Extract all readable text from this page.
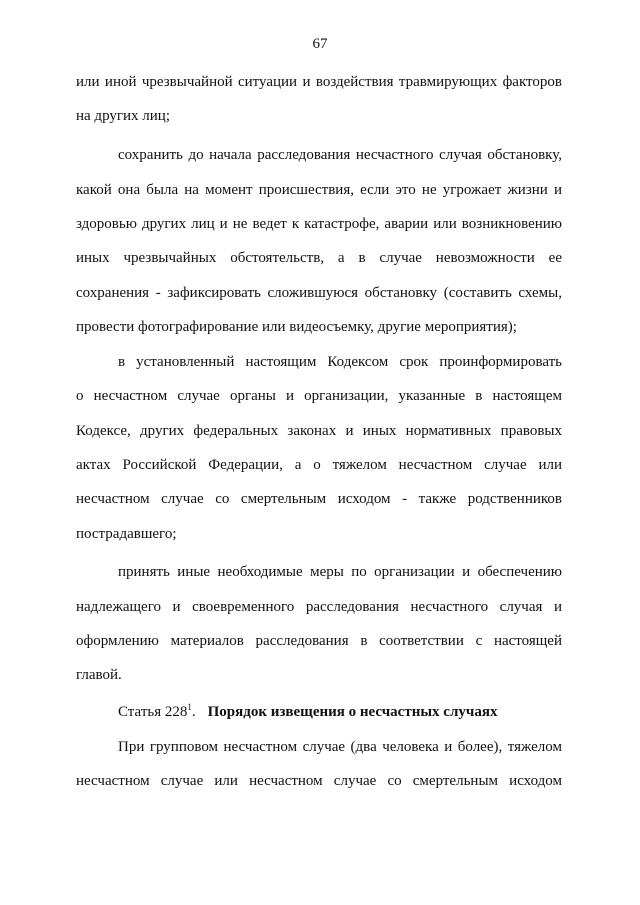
67
или иной чрезвычайной ситуации и воздействия травмирующих факторов
на других лиц;
сохранить до начала расследования несчастного случая обстановку,
какой она была на момент происшествия, если это не угрожает жизни и
здоровью других лиц и не ведет к катастрофе, аварии или возникновению
иных чрезвычайных обстоятельств, а в случае невозможности ее
сохранения - зафиксировать сложившуюся обстановку (составить схемы,
провести фотографирование или видеосъемку, другие мероприятия);
в установленный настоящим Кодексом срок проинформировать
о несчастном случае органы и организации, указанные в настоящем
Кодексе, других федеральных законах и иных нормативных правовых
актах Российской Федерации, а о тяжелом несчастном случае или
несчастном случае со смертельным исходом - также родственников
пострадавшего;
принять иные необходимые меры по организации и обеспечению
надлежащего и своевременного расследования несчастного случая и
оформлению материалов расследования в соответствии с настоящей
главой.
Статья $228^1$. Порядок извещения о несчастных случаях
При групповом несчастном случае (два человека и более), тяжелом
несчастном случае или несчастном случае со смертельным исходом
